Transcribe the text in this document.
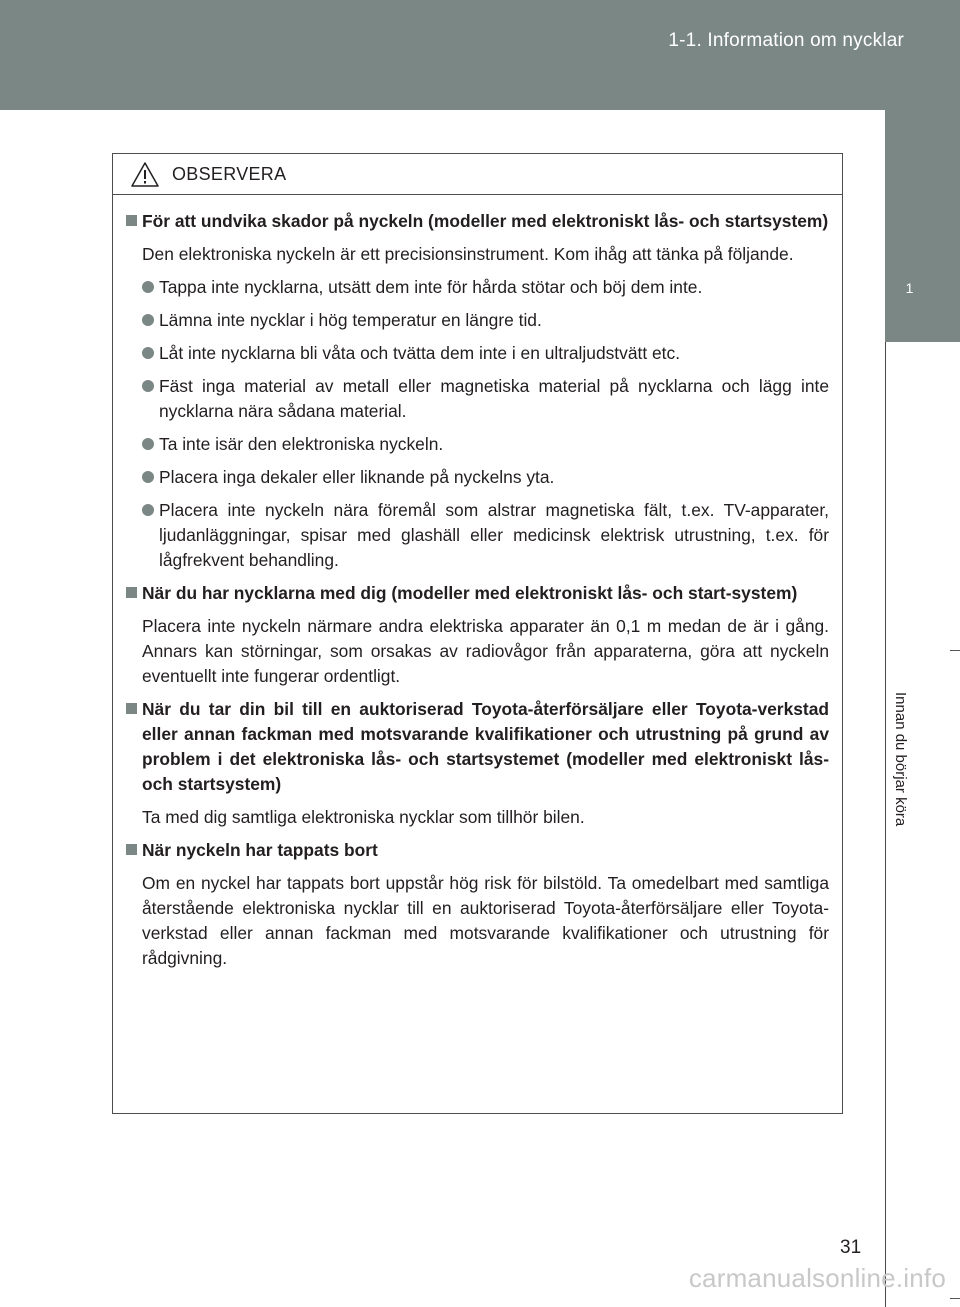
1-1. Information om nycklar
1
Innan du börjar köra
OBSERVERA
För att undvika skador på nyckeln (modeller med elektroniskt lås- och startsystem)
Den elektroniska nyckeln är ett precisionsinstrument. Kom ihåg att tänka på följande.
Tappa inte nycklarna, utsätt dem inte för hårda stötar och böj dem inte.
Lämna inte nycklar i hög temperatur en längre tid.
Låt inte nycklarna bli våta och tvätta dem inte i en ultraljudstvätt etc.
Fäst inga material av metall eller magnetiska material på nycklarna och lägg inte nycklarna nära sådana material.
Ta inte isär den elektroniska nyckeln.
Placera inga dekaler eller liknande på nyckelns yta.
Placera inte nyckeln nära föremål som alstrar magnetiska fält, t.ex. TV-apparater, ljudanläggningar, spisar med glashäll eller medicinsk elektrisk utrustning, t.ex. för lågfrekvent behandling.
När du har nycklarna med dig (modeller med elektroniskt lås- och start-system)
Placera inte nyckeln närmare andra elektriska apparater än 0,1 m medan de är i gång. Annars kan störningar, som orsakas av radiovågor från apparaterna, göra att nyckeln eventuellt inte fungerar ordentligt.
När du tar din bil till en auktoriserad Toyota-återförsäljare eller Toyota-verkstad eller annan fackman med motsvarande kvalifikationer och utrustning på grund av problem i det elektroniska lås- och startsystemet (modeller med elektroniskt lås- och startsystem)
Ta med dig samtliga elektroniska nycklar som tillhör bilen.
När nyckeln har tappats bort
Om en nyckel har tappats bort uppstår hög risk för bilstöld. Ta omedelbart med samtliga återstående elektroniska nycklar till en auktoriserad Toyota-återförsäljare eller Toyota-verkstad eller annan fackman med motsvarande kvalifikationer och utrustning för rådgivning.
31
carmanualsonline.info
